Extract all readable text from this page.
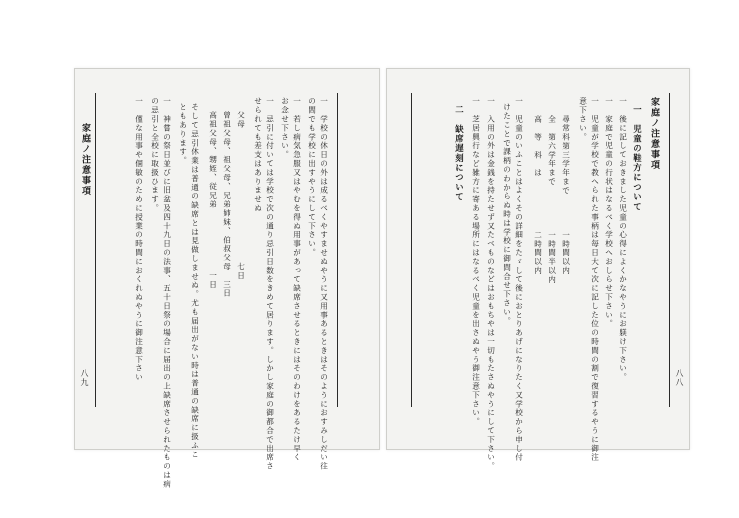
家庭ノ注意事項
八九	一　学校の休日の外は成るべくやすませぬやうに又用事あるときはそのようにおすみしだい往
の間でも学校に出すやうにして下さい。
一　若し病気急服又はやむを得ぬ用事があって缺席させるときにはそのわけをあるたけ早く
お念せ下さい。
一　忌引に付いては学校で次の通り忌引日数をきめて居ります。しかし家庭の御都合で出席さ
せられても差支はありませぬ
父母　　　　　　　　　　　　　　　七日
曾祖父母、祖父母、兄弟姉妹、伯叔父母　三日
高祖父母、甥姪、従兄弟　　　　　　　一日
そして忌引休業は普通の缺席とは見做しませぬ。尤も届出がない時は普通の缺席に扱ふこ
ともあります。
一　神嘗の祭日並びに旧盆及四十九日の法事、五十日祭の場合に届出の上缺席させられたものは病
の忌引と全校に取扱ひます。
一　僅な用事や個敏のために授業の時間におくれぬやうに御注意下さい	家庭ノ注意事項
八八
一　児童の鞋方について
一　後に記しておきました児童の心得によくかなやうにお躾け下さい。
一　家庭で児童の行状はなるべく学校へおしらせ下さい。
一　児童が学校で教へられた事柄は毎日大て次に記した位の時間の割で復習するやうに御注
意下さい。
尋常科第三学年まで　　　　一時間以内
全　第六学年まで　　　　　一時間半以内
高　等　科　は　　　　　　二時間以内
一　児童のいふことはよくその詳細をたゞして後におとりあげになりたく又学校から申し付
けたことで課柄のわからぬ時は学校に御問合せ下さい。
一　入用の外は金銭を持たせず又たべものなどはおもちやは一切もたさぬやうにして下さい。
一　芝居興行など雑方に寄ある場所にはなるべく児童を出さぬやう御注意下さい。
二　缺席遅刻について
